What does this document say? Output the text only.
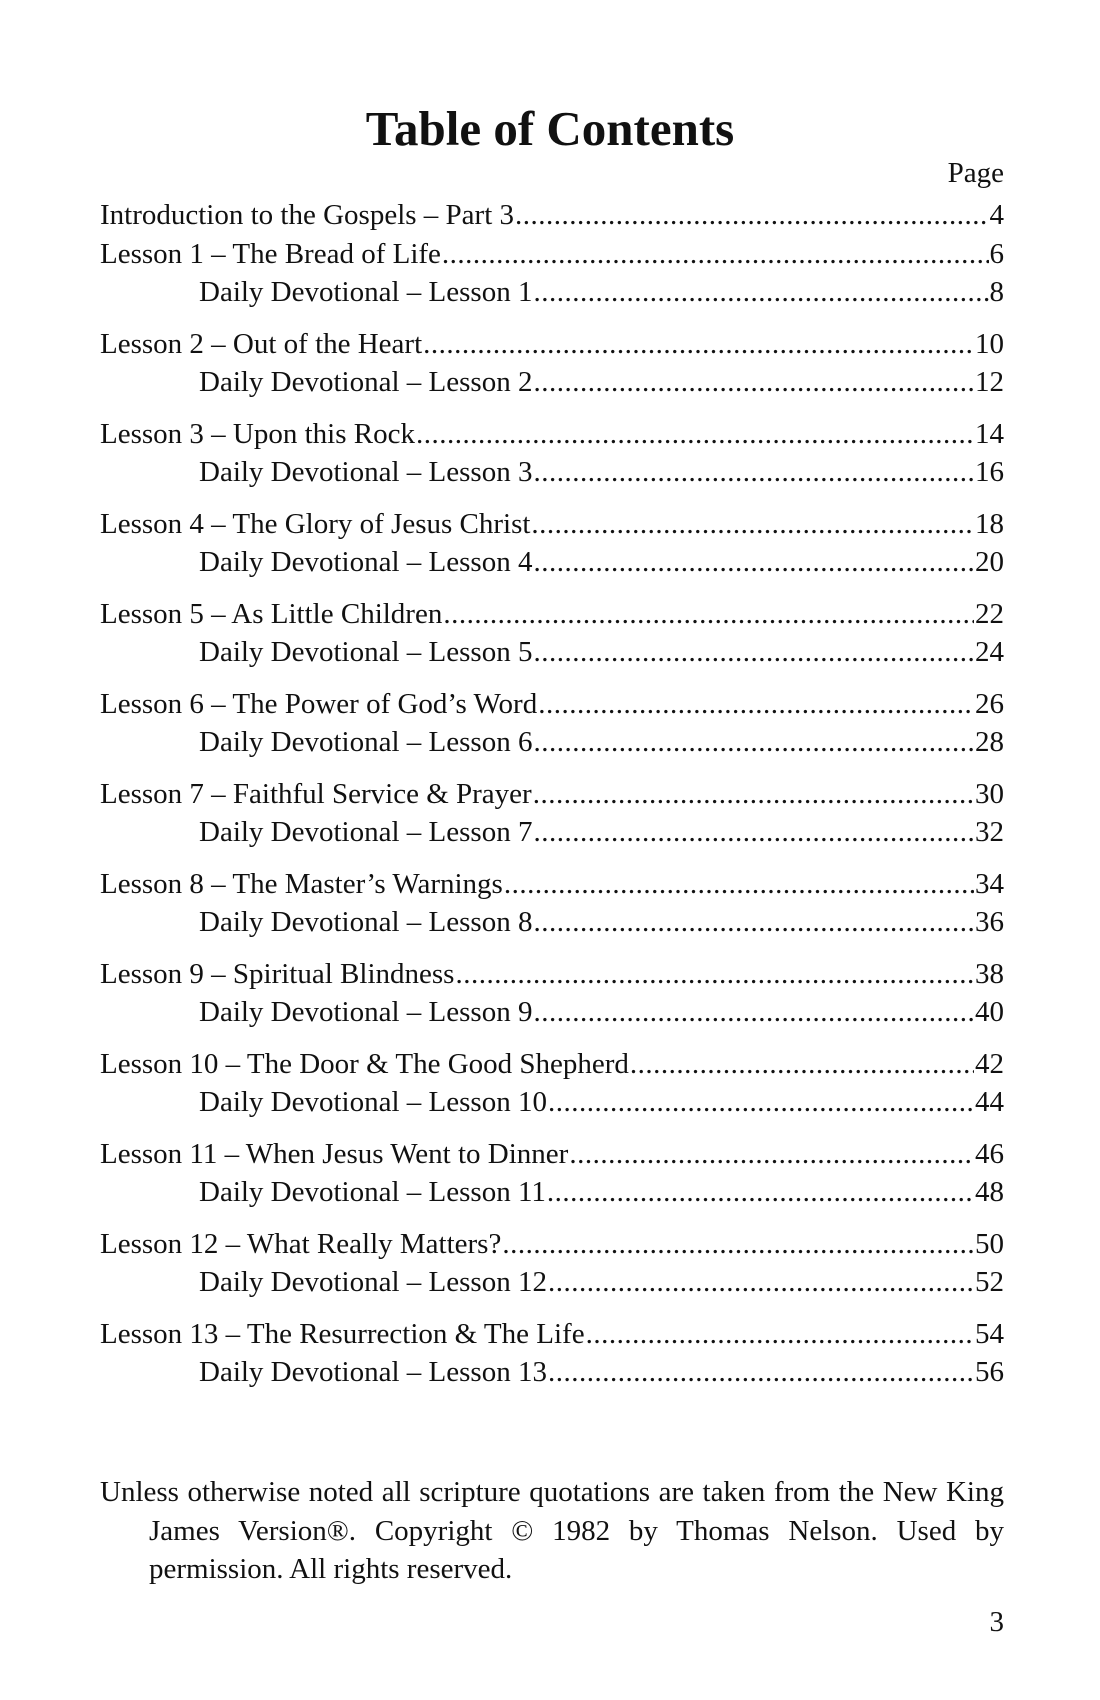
Table of Contents
Page
Introduction to the Gospels – Part 3 .....	4
Lesson 1 – The Bread of Life .....	6
Daily Devotional – Lesson 1 .....	8
Lesson 2 – Out of the Heart .....	10
Daily Devotional – Lesson 2 .....	12
Lesson 3 – Upon this Rock .....	14
Daily Devotional – Lesson 3 .....	16
Lesson 4 – The Glory of Jesus Christ .....	18
Daily Devotional – Lesson 4 .....	20
Lesson 5 – As Little Children .....	22
Daily Devotional – Lesson 5 .....	24
Lesson 6 – The Power of God’s Word .....	26
Daily Devotional – Lesson 6 .....	28
Lesson 7 – Faithful Service & Prayer .....	30
Daily Devotional – Lesson 7 .....	32
Lesson 8 – The Master’s Warnings .....	34
Daily Devotional – Lesson 8 .....	36
Lesson 9 – Spiritual Blindness .....	38
Daily Devotional – Lesson 9 .....	40
Lesson 10 – The Door & The Good Shepherd .....	42
Daily Devotional – Lesson 10 .....	44
Lesson 11 – When Jesus Went to Dinner .....	46
Daily Devotional – Lesson 11 .....	48
Lesson 12 – What Really Matters? .....	50
Daily Devotional – Lesson 12 .....	52
Lesson 13 – The Resurrection & The Life .....	54
Daily Devotional – Lesson 13 .....	56

Unless otherwise noted all scripture quotations are taken from the New King James Version®. Copyright © 1982 by Thomas Nelson. Used by permission. All rights reserved.

3
